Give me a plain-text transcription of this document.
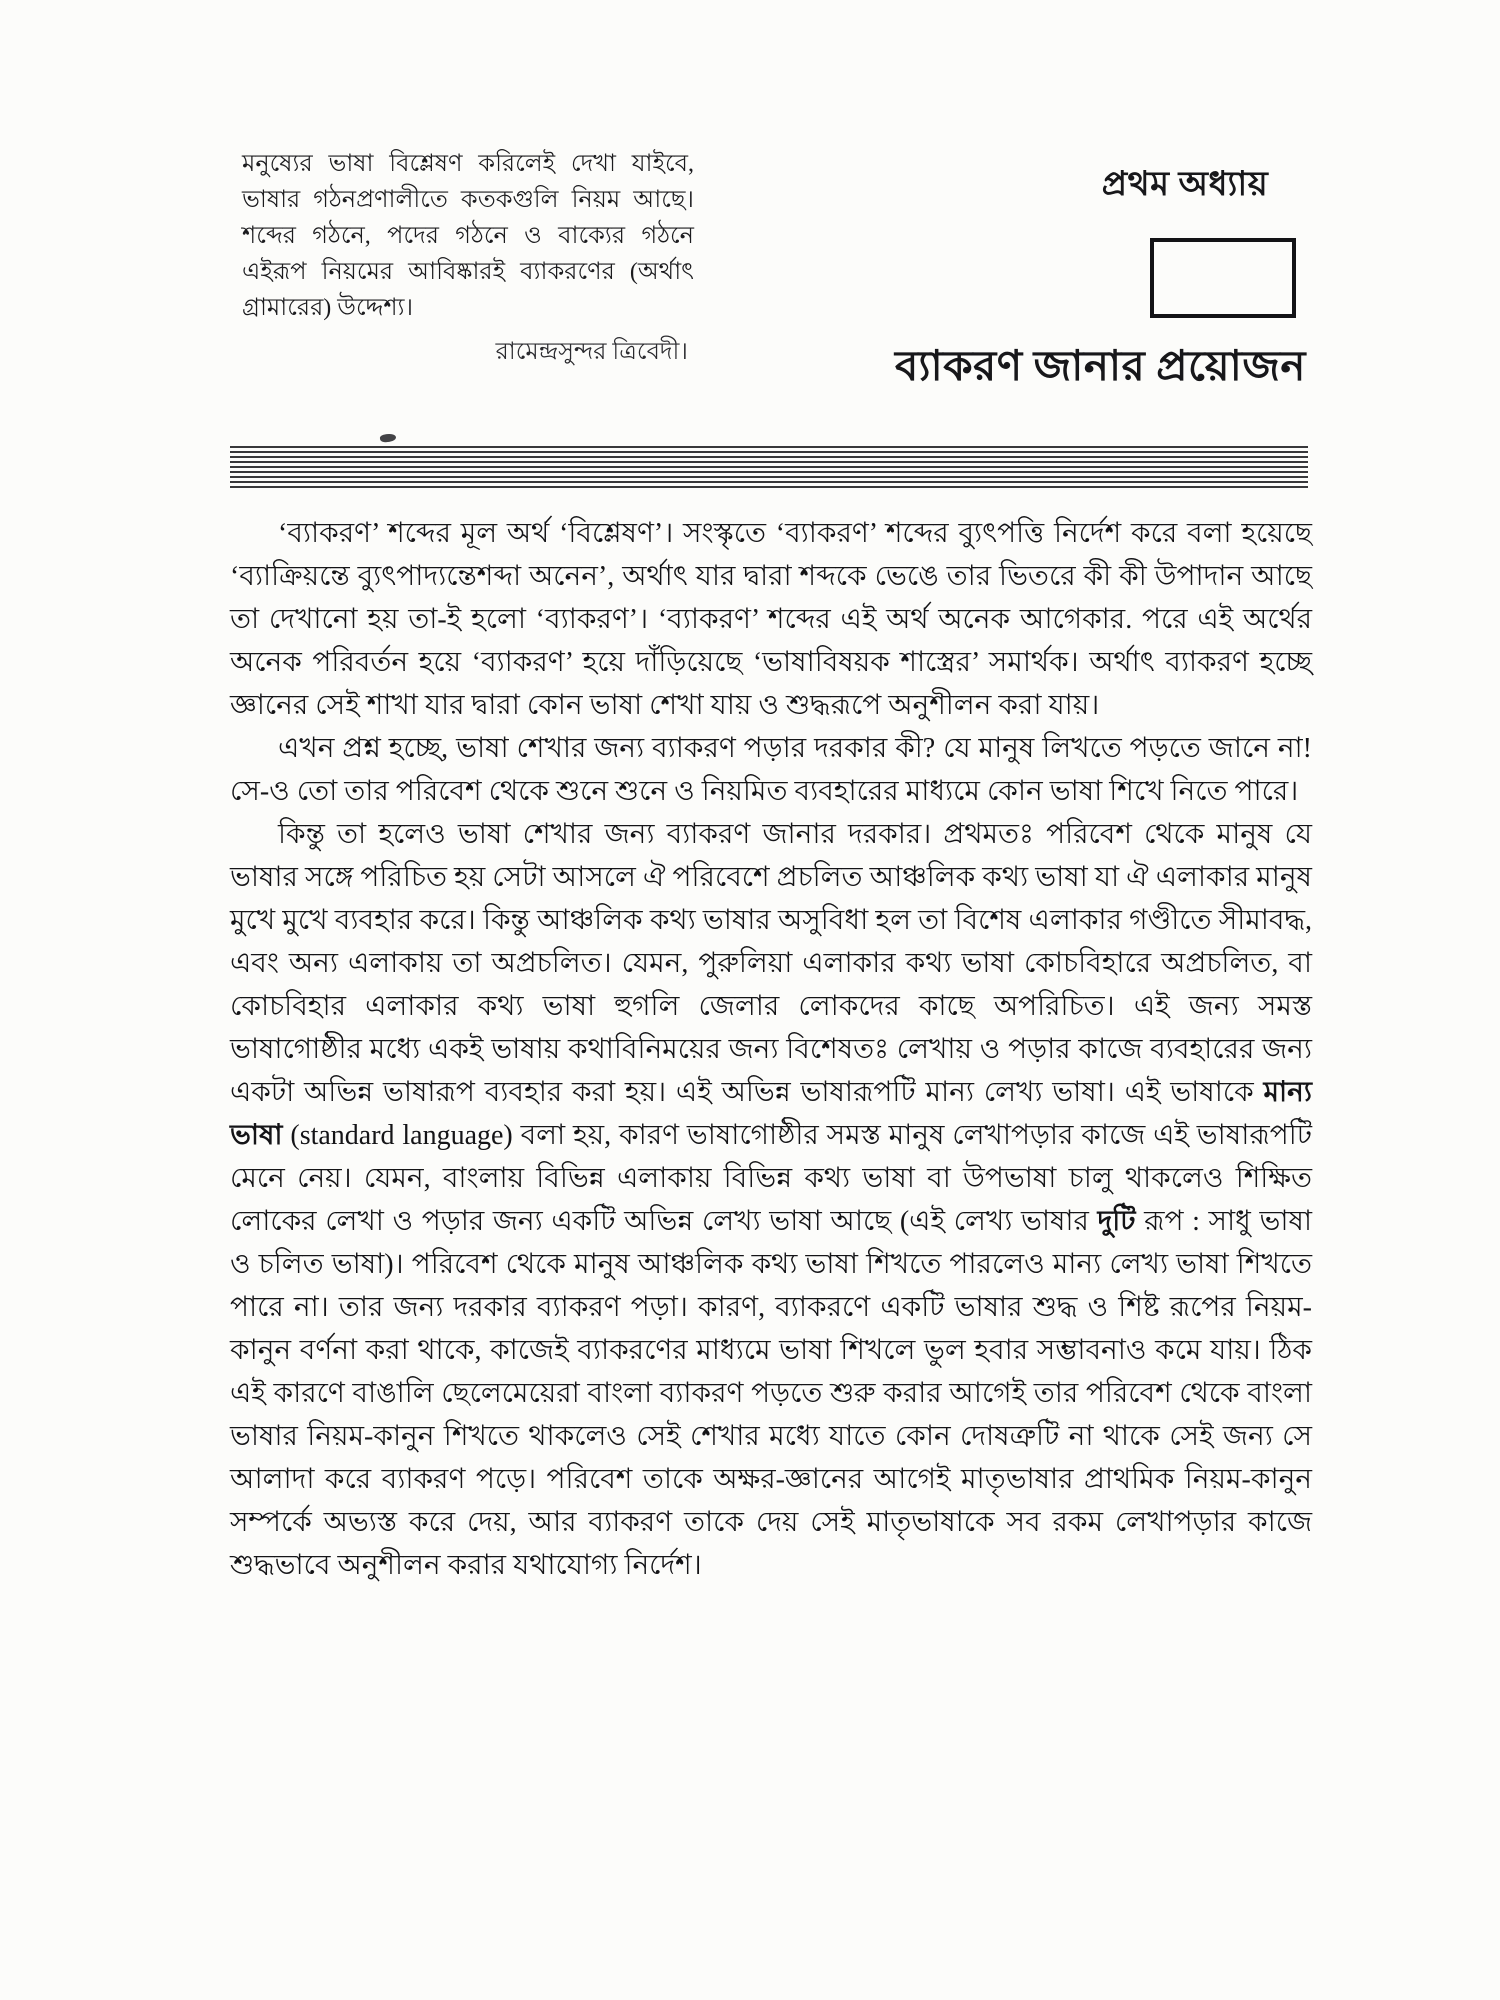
মনুষ্যের ভাষা বিশ্লেষণ করিলেই দেখা যাইবে, ভাষার গঠনপ্রণালীতে কতকগুলি নিয়ম আছে। শব্দের গঠনে, পদের গঠনে ও বাক্যের গঠনে এইরূপ নিয়মের আবিষ্কারই ব্যাকরণের (অর্থাৎ গ্রামারের) উদ্দেশ্য।

রামেন্দ্রসুন্দর ত্রিবেদী।

প্রথম অধ্যায়
ব্যাকরণ জানার প্রয়োজন

‘ব্যাকরণ’ শব্দের মূল অর্থ ‘বিশ্লেষণ’। সংস্কৃতে ‘ব্যাকরণ’ শব্দের ব্যুৎপত্তি নির্দেশ করে বলা হয়েছে ‘ব্যাক্রিয়ন্তে ব্যুৎপাদ্যন্তেশব্দা অনেন’, অর্থাৎ যার দ্বারা শব্দকে ভেঙে তার ভিতরে কী কী উপাদান আছে তা দেখানো হয় তা-ই হলো ‘ব্যাকরণ’। ‘ব্যাকরণ’ শব্দের এই অর্থ অনেক আগেকার. পরে এই অর্থের অনেক পরিবর্তন হয়ে ‘ব্যাকরণ’ হয়ে দাঁড়িয়েছে ‘ভাষাবিষয়ক শাস্ত্রের’ সমার্থক। অর্থাৎ ব্যাকরণ হচ্ছে জ্ঞানের সেই শাখা যার দ্বারা কোন ভাষা শেখা যায় ও শুদ্ধরূপে অনুশীলন করা যায়।

এখন প্রশ্ন হচ্ছে, ভাষা শেখার জন্য ব্যাকরণ পড়ার দরকার কী? যে মানুষ লিখতে পড়তে জানে না! সে-ও তো তার পরিবেশ থেকে শুনে শুনে ও নিয়মিত ব্যবহারের মাধ্যমে কোন ভাষা শিখে নিতে পারে।

কিন্তু তা হলেও ভাষা শেখার জন্য ব্যাকরণ জানার দরকার। প্রথমতঃ পরিবেশ থেকে মানুষ যে ভাষার সঙ্গে পরিচিত হয় সেটা আসলে ঐ পরিবেশে প্রচলিত আঞ্চলিক কথ্য ভাষা যা ঐ এলাকার মানুষ মুখে মুখে ব্যবহার করে। কিন্তু আঞ্চলিক কথ্য ভাষার অসুবিধা হল তা বিশেষ এলাকার গণ্ডীতে সীমাবদ্ধ, এবং অন্য এলাকায় তা অপ্রচলিত। যেমন, পুরুলিয়া এলাকার কথ্য ভাষা কোচবিহারে অপ্রচলিত, বা কোচবিহার এলাকার কথ্য ভাষা হুগলি জেলার লোকদের কাছে অপরিচিত। এই জন্য সমস্ত ভাষাগোষ্ঠীর মধ্যে একই ভাষায় কথাবিনিময়ের জন্য বিশেষতঃ লেখায় ও পড়ার কাজে ব্যবহারের জন্য একটা অভিন্ন ভাষারূপ ব্যবহার করা হয়। এই অভিন্ন ভাষারূপটি মান্য লেখ্য ভাষা। এই ভাষাকে মান্য ভাষা (standard language) বলা হয়, কারণ ভাষাগোষ্ঠীর সমস্ত মানুষ লেখাপড়ার কাজে এই ভাষারূপটি মেনে নেয়। যেমন, বাংলায় বিভিন্ন এলাকায় বিভিন্ন কথ্য ভাষা বা উপভাষা চালু থাকলেও শিক্ষিত লোকের লেখা ও পড়ার জন্য একটি অভিন্ন লেখ্য ভাষা আছে (এই লেখ্য ভাষার দুটি রূপ : সাধু ভাষা ও চলিত ভাষা)। পরিবেশ থেকে মানুষ আঞ্চলিক কথ্য ভাষা শিখতে পারলেও মান্য লেখ্য ভাষা শিখতে পারে না। তার জন্য দরকার ব্যাকরণ পড়া। কারণ, ব্যাকরণে একটি ভাষার শুদ্ধ ও শিষ্ট রূপের নিয়ম-কানুন বর্ণনা করা থাকে, কাজেই ব্যাকরণের মাধ্যমে ভাষা শিখলে ভুল হবার সম্ভাবনাও কমে যায়। ঠিক এই কারণে বাঙালি ছেলেমেয়েরা বাংলা ব্যাকরণ পড়তে শুরু করার আগেই তার পরিবেশ থেকে বাংলা ভাষার নিয়ম-কানুন শিখতে থাকলেও সেই শেখার মধ্যে যাতে কোন দোষত্রুটি না থাকে সেই জন্য সে আলাদা করে ব্যাকরণ পড়ে। পরিবেশ তাকে অক্ষর-জ্ঞানের আগেই মাতৃভাষার প্রাথমিক নিয়ম-কানুন সম্পর্কে অভ্যস্ত করে দেয়, আর ব্যাকরণ তাকে দেয় সেই মাতৃভাষাকে সব রকম লেখাপড়ার কাজে শুদ্ধভাবে অনুশীলন করার যথাযোগ্য নির্দেশ।
